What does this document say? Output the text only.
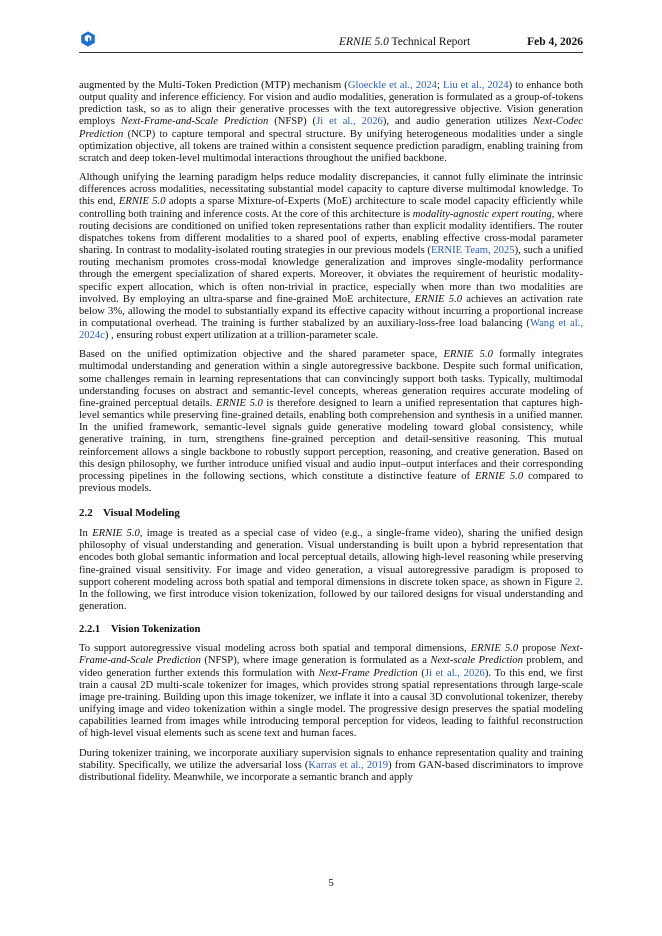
ERNIE 5.0 Technical Report	Feb 4, 2026

augmented by the Multi-Token Prediction (MTP) mechanism (Gloeckle et al., 2024; Liu et al., 2024) to enhance both output quality and inference efficiency. For vision and audio modalities, generation is formulated as a group-of-tokens prediction task, so as to align their generative processes with the text autoregressive objective. Vision generation employs Next-Frame-and-Scale Prediction (NFSP) (Ji et al., 2026), and audio generation utilizes Next-Codec Prediction (NCP) to capture temporal and spectral structure. By unifying heterogeneous modalities under a single optimization objective, all tokens are trained within a consistent sequence prediction paradigm, enabling training from scratch and deep token-level multimodal interactions throughout the unified backbone.

Although unifying the learning paradigm helps reduce modality discrepancies, it cannot fully eliminate the intrinsic differences across modalities, necessitating substantial model capacity to capture diverse multimodal knowledge. To this end, ERNIE 5.0 adopts a sparse Mixture-of-Experts (MoE) architecture to scale model capacity efficiently while controlling both training and inference costs. At the core of this architecture is modality-agnostic expert routing, where routing decisions are conditioned on unified token representations rather than explicit modality identifiers. The router dispatches tokens from different modalities to a shared pool of experts, enabling effective cross-modal parameter sharing. In contrast to modality-isolated routing strategies in our previous models (ERNIE Team, 2025), such a unified routing mechanism promotes cross-modal knowledge generalization and improves single-modality performance through the emergent specialization of shared experts. Moreover, it obviates the requirement of heuristic modality-specific expert allocation, which is often non-trivial in practice, especially when more than two modalities are involved. By employing an ultra-sparse and fine-grained MoE architecture, ERNIE 5.0 achieves an activation rate below 3%, allowing the model to substantially expand its effective capacity without incurring a proportional increase in computational overhead. The training is further stabalized by an auxiliary-loss-free load balancing (Wang et al., 2024c) , ensuring robust expert utilization at a trillion-parameter scale.

Based on the unified optimization objective and the shared parameter space, ERNIE 5.0 formally integrates multimodal understanding and generation within a single autoregressive backbone. Despite such formal unification, some challenges remain in learning representations that can convincingly support both tasks. Typically, multimodal understanding focuses on abstract and semantic-level concepts, whereas generation requires accurate modeling of fine-grained perceptual details. ERNIE 5.0 is therefore designed to learn a unified representation that captures high-level semantics while preserving fine-grained details, enabling both comprehension and synthesis in a unified manner. In the unified framework, semantic-level signals guide generative modeling toward global consistency, while generative training, in turn, strengthens fine-grained perception and detail-sensitive reasoning. This mutual reinforcement allows a single backbone to robustly support perception, reasoning, and creative generation. Based on this design philosophy, we further introduce unified visual and audio input–output interfaces and their corresponding processing pipelines in the following sections, which constitute a distinctive feature of ERNIE 5.0 compared to previous models.

2.2 Visual Modeling

In ERNIE 5.0, image is treated as a special case of video (e.g., a single-frame video), sharing the unified design philosophy of visual understanding and generation. Visual understanding is built upon a hybrid representation that encodes both global semantic information and local perceptual details, allowing high-level reasoning while preserving fine-grained visual sensitivity. For image and video generation, a visual autoregressive paradigm is proposed to support coherent modeling across both spatial and temporal dimensions in discrete token space, as shown in Figure 2. In the following, we first introduce vision tokenization, followed by our tailored designs for visual understanding and generation.

2.2.1 Vision Tokenization

To support autoregressive visual modeling across both spatial and temporal dimensions, ERNIE 5.0 propose Next-Frame-and-Scale Prediction (NFSP), where image generation is formulated as a Next-scale Prediction problem, and video generation further extends this formulation with Next-Frame Prediction (Ji et al., 2026). To this end, we first train a causal 2D multi-scale tokenizer for images, which provides strong spatial representations through large-scale image pre-training. Building upon this image tokenizer, we inflate it into a causal 3D convolutional tokenizer, thereby unifying image and video tokenization within a single model. The progressive design preserves the spatial modeling capabilities learned from images while introducing temporal perception for videos, leading to faithful reconstruction of high-level visual elements such as scene text and human faces.

During tokenizer training, we incorporate auxiliary supervision signals to enhance representation quality and training stability. Specifically, we utilize the adversarial loss (Karras et al., 2019) from GAN-based discriminators to improve distributional fidelity. Meanwhile, we incorporate a semantic branch and apply

5
